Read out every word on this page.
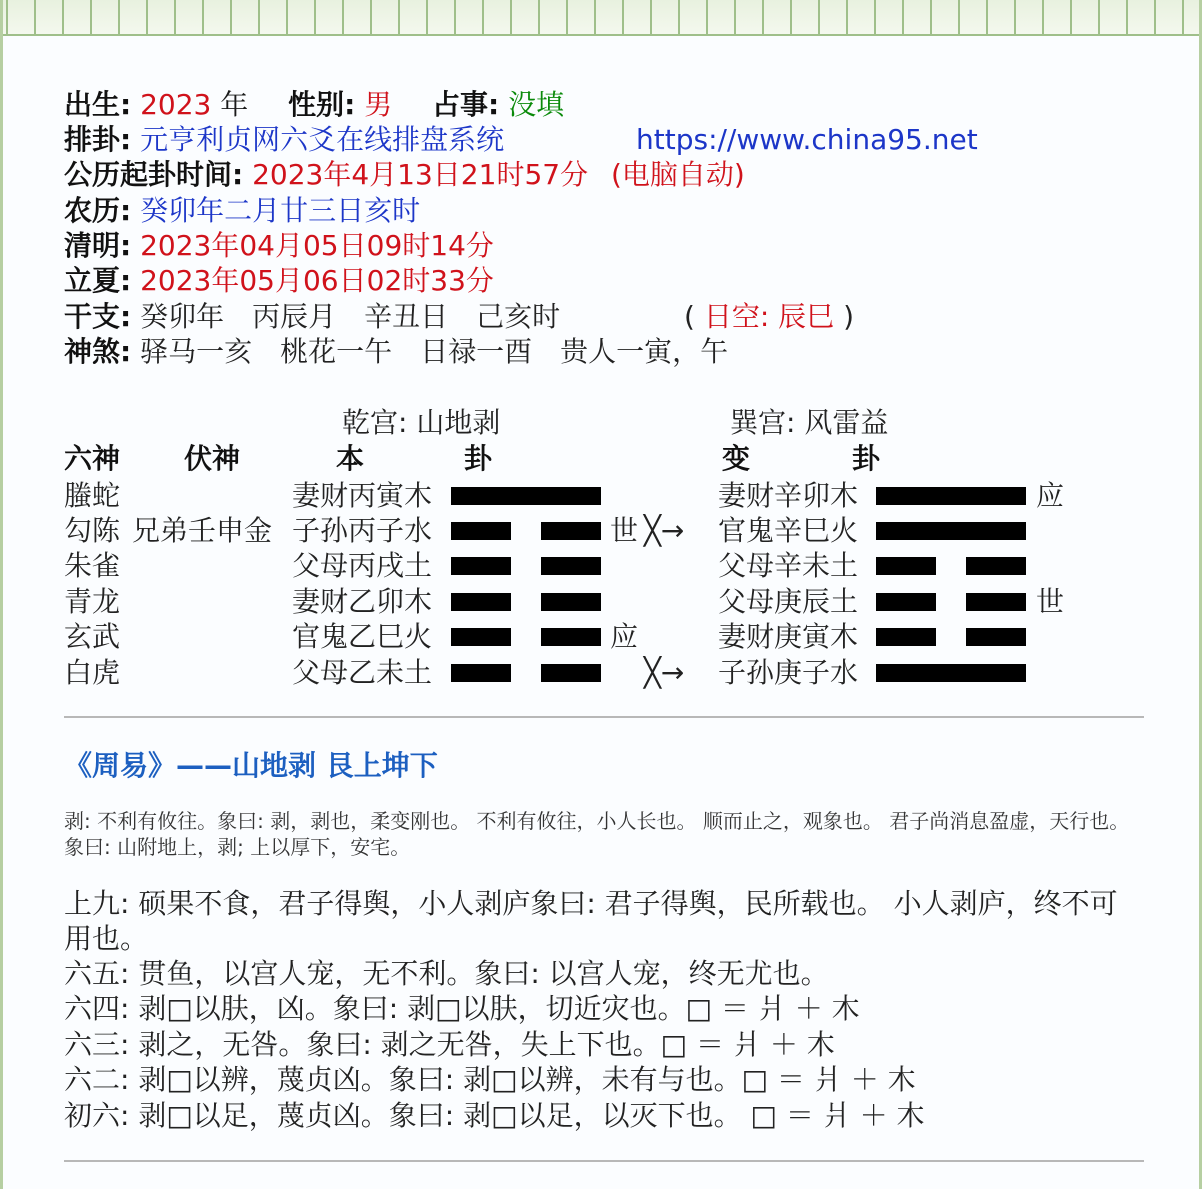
出生: 2023 年 性别: 男 占事: 没填
排卦: 元亨利贞网六爻在线排盘系统	https://www.china95.net
公历起卦时间: 2023年4月13日21时57分 (电脑自动)
农历: 癸卯年二月廿三日亥时
清明: 2023年04月05日09时14分
立夏: 2023年05月06日02时33分
干支: 癸卯年　丙辰月　辛丑日　己亥时	( 日空: 辰巳 )
神煞: 驿马一亥　桃花一午　日禄一酉　贵人一寅，午
乾宫: 山地剥	巽宫: 风雷益
六神 伏神	本	卦	变	卦
螣蛇	妻财丙寅木	妻财辛卯木	应
勾陈 兄弟壬申金 子孙丙子水	世 ╳→ 官鬼辛巳火
朱雀	父母丙戌土	父母辛未土
青龙	妻财乙卯木	父母庚辰土	世
玄武	官鬼乙巳火	应	妻财庚寅木
白虎	父母乙未土	╳→ 子孙庚子水
《周易》——山地剥 艮上坤下
剥: 不利有攸往。象曰: 剥，剥也，柔变刚也。 不利有攸往，小人长也。 顺而止之，观象也。 君子尚消息盈虚，天行也。象曰: 山附地上，剥; 上以厚下，安宅。
上九: 硕果不食，君子得舆，小人剥庐象曰: 君子得舆，民所载也。 小人剥庐，终不可用也。
六五: 贯鱼，以宫人宠，无不利。象曰: 以宫人宠，终无尤也。
六四: 剥□以肤，凶。象曰: 剥□以肤，切近灾也。□ ＝ 爿 ＋ 木
六三: 剥之，无咎。象曰: 剥之无咎，失上下也。□ ＝ 爿 ＋ 木
六二: 剥□以辨，蔑贞凶。象曰: 剥□以辨，未有与也。□ ＝ 爿 ＋ 木
初六: 剥□以足，蔑贞凶。象曰: 剥□以足，以灭下也。 □ ＝ 爿 ＋ 木
